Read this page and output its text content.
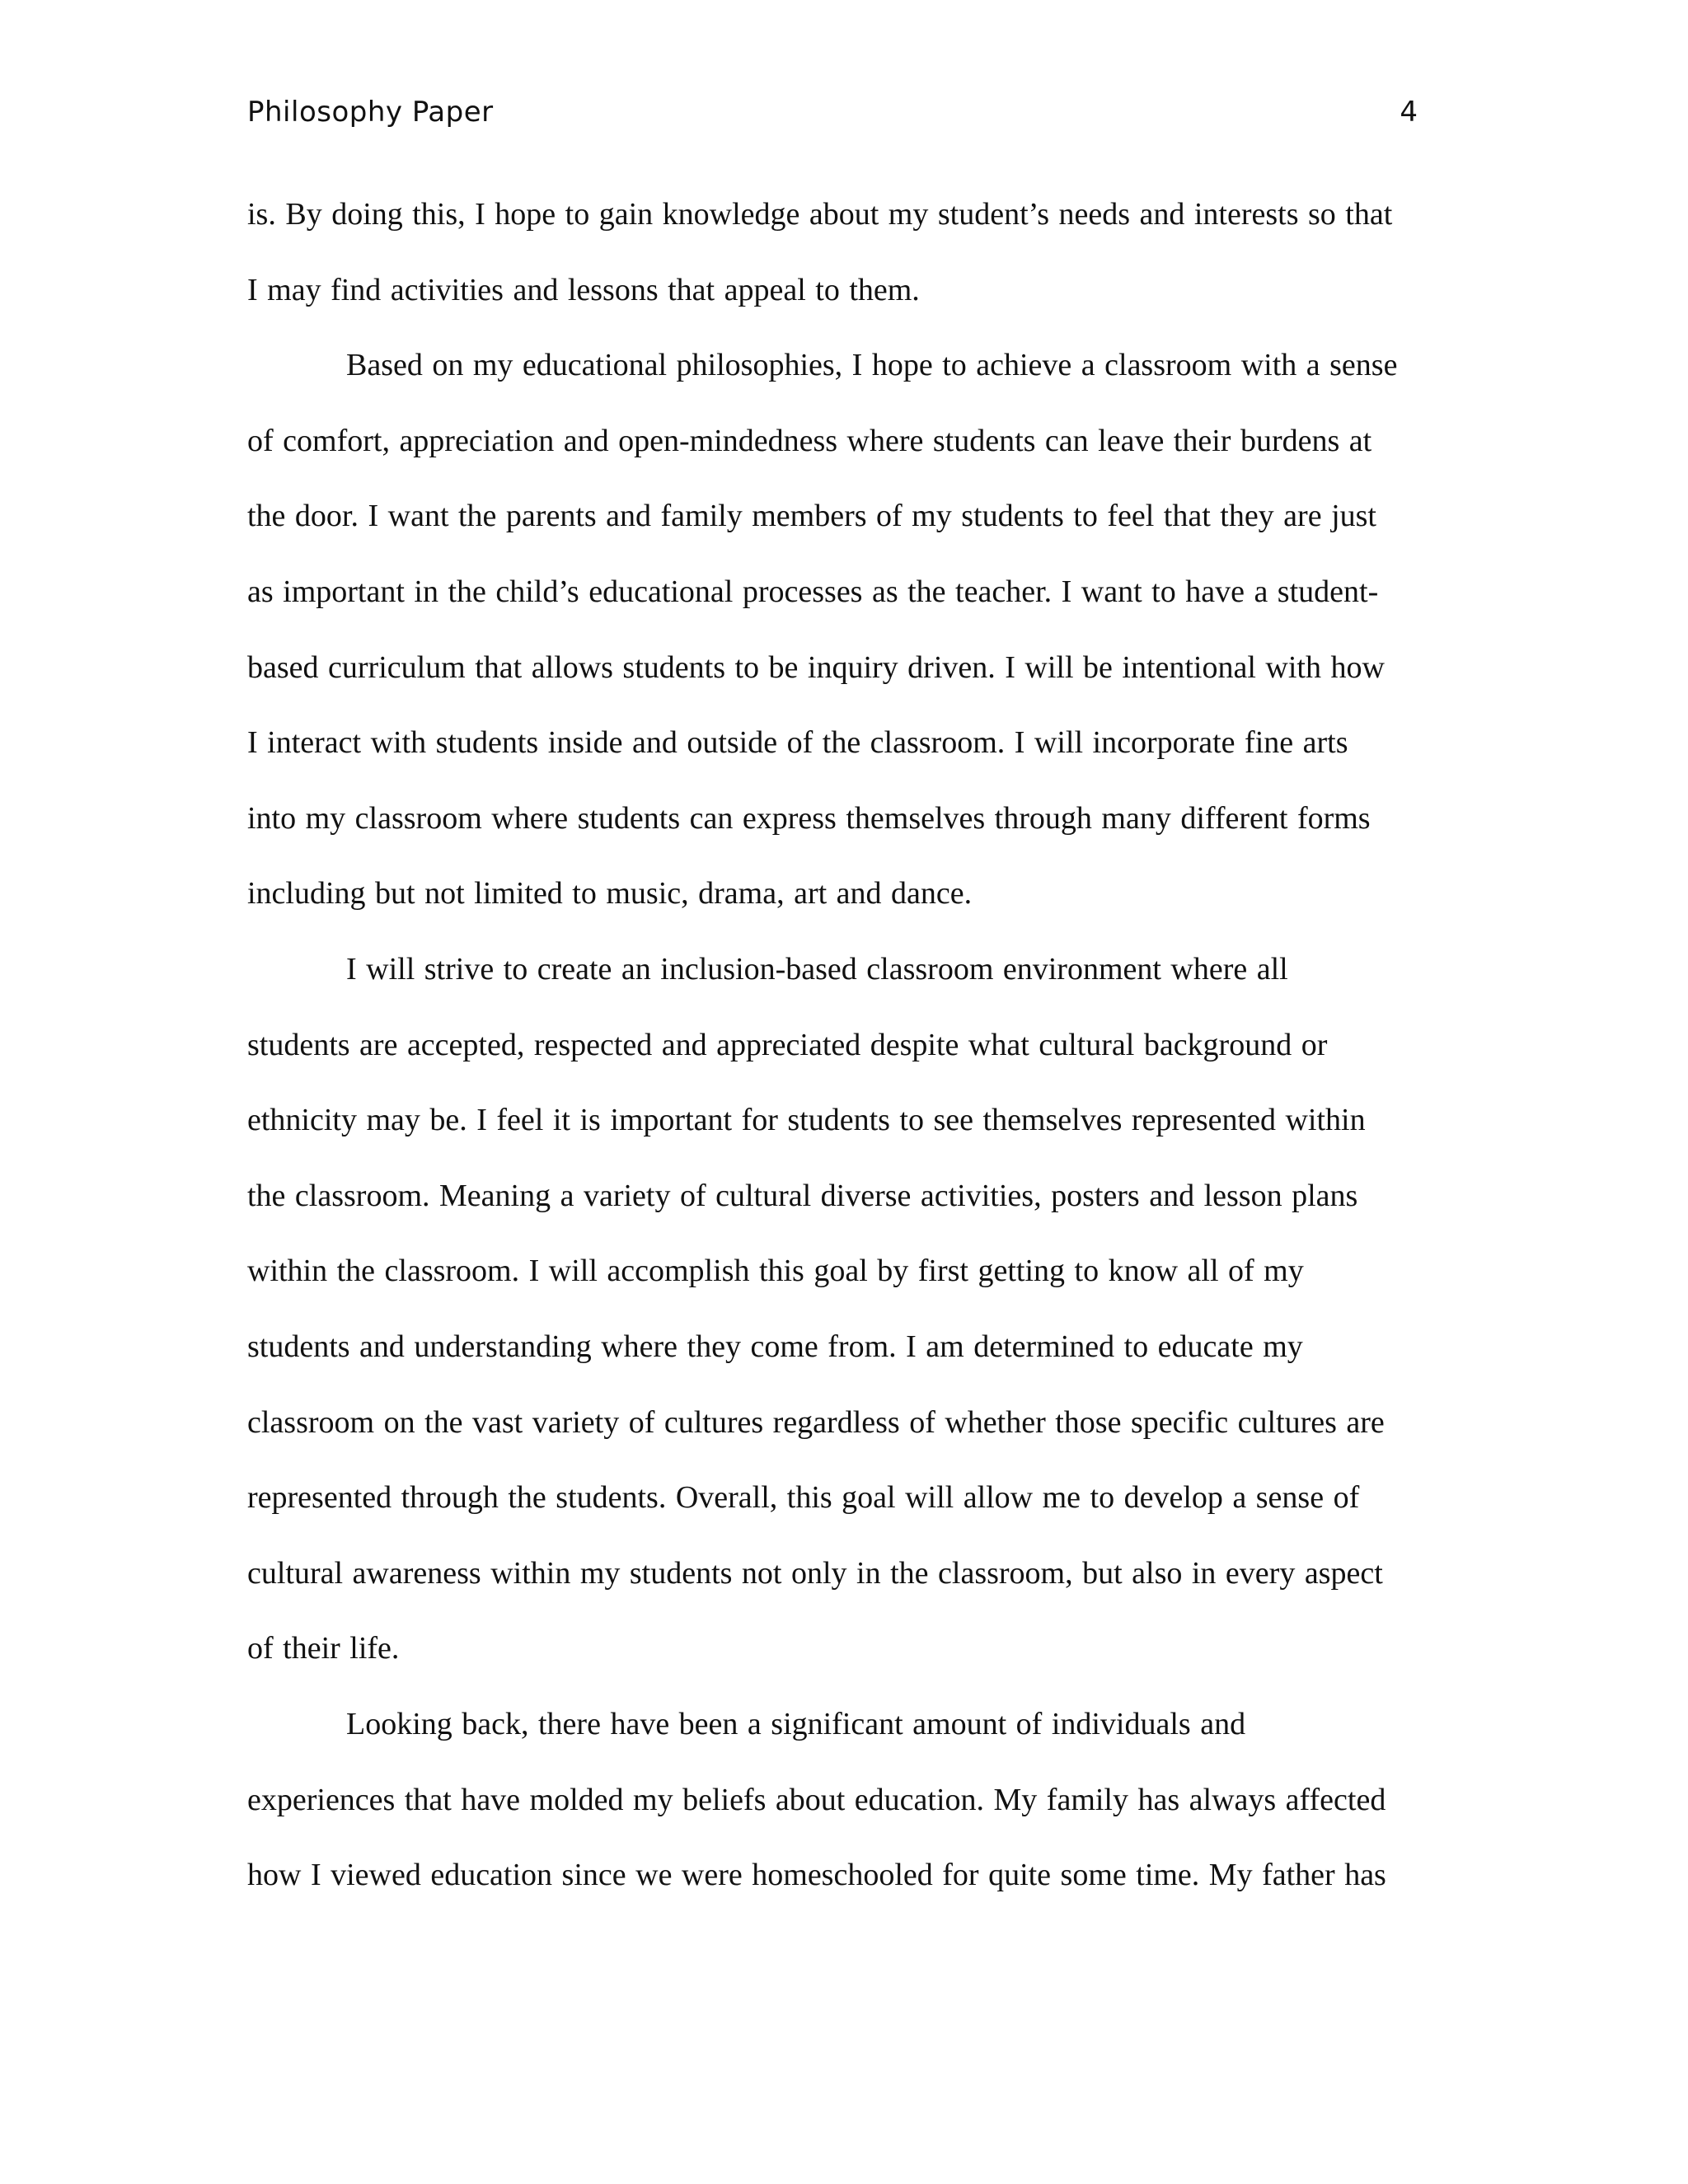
Philosophy Paper	4
is. By doing this, I hope to gain knowledge about my student’s needs and interests so that
I may find activities and lessons that appeal to them.
Based on my educational philosophies, I hope to achieve a classroom with a sense
of comfort, appreciation and open-mindedness where students can leave their burdens at
the door. I want the parents and family members of my students to feel that they are just
as important in the child’s educational processes as the teacher. I want to have a student-
based curriculum that allows students to be inquiry driven. I will be intentional with how
I interact with students inside and outside of the classroom. I will incorporate fine arts
into my classroom where students can express themselves through many different forms
including but not limited to music, drama, art and dance.
I will strive to create an inclusion-based classroom environment where all
students are accepted, respected and appreciated despite what cultural background or
ethnicity may be. I feel it is important for students to see themselves represented within
the classroom. Meaning a variety of cultural diverse activities, posters and lesson plans
within the classroom. I will accomplish this goal by first getting to know all of my
students and understanding where they come from. I am determined to educate my
classroom on the vast variety of cultures regardless of whether those specific cultures are
represented through the students. Overall, this goal will allow me to develop a sense of
cultural awareness within my students not only in the classroom, but also in every aspect
of their life.
Looking back, there have been a significant amount of individuals and
experiences that have molded my beliefs about education. My family has always affected
how I viewed education since we were homeschooled for quite some time. My father has
